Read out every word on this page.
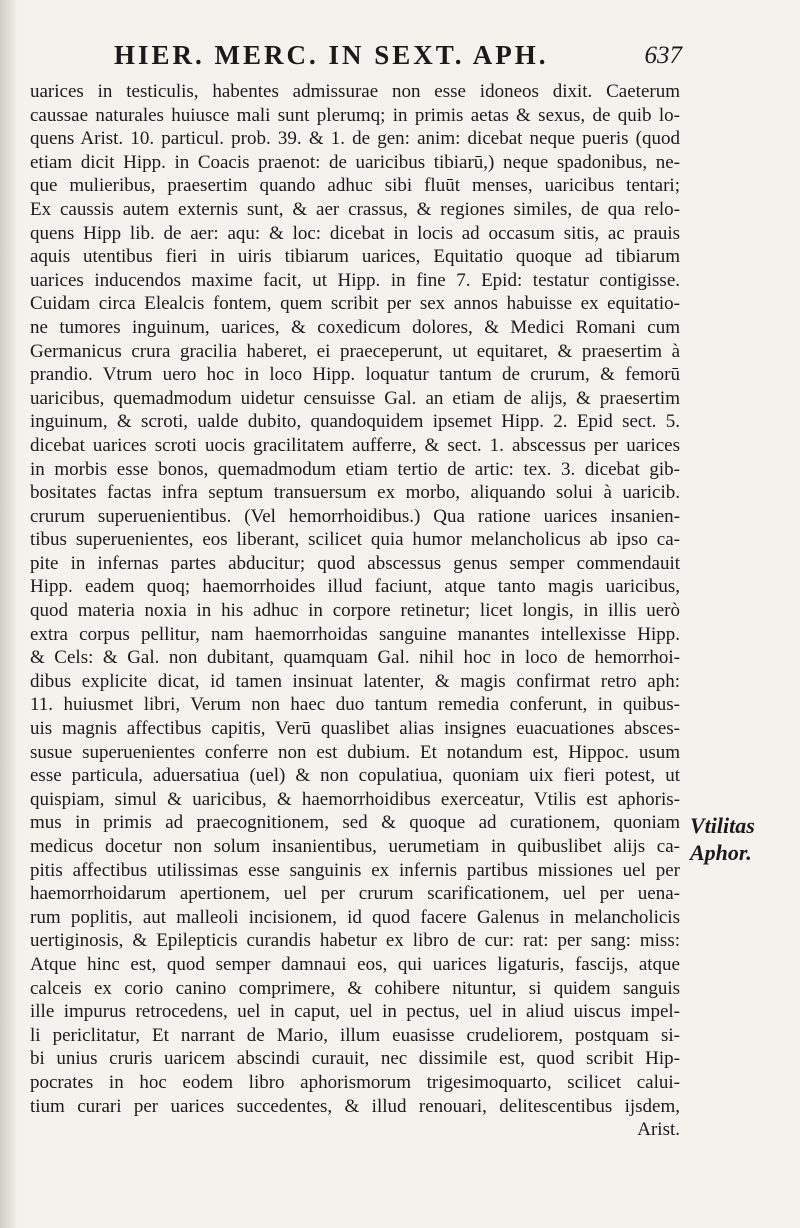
HIER. MERC. IN SEXT. APH.	637
uarices in testiculis, habentes admissurae non esse idoneos dixit. Caeterum
caussae naturales huiusce mali sunt plerumq; in primis aetas & sexus, de quib lo-
quens Arist. 10. particul. prob. 39. & 1. de gen: anim: dicebat neque pueris (quod
etiam dicit Hipp. in Coacis praenot: de uaricibus tibiarū,) neque spadonibus, ne-
que mulieribus, praesertim quando adhuc sibi fluūt menses, uaricibus tentari;
Ex caussis autem externis sunt, & aer crassus, & regiones similes, de qua relo-
quens Hipp lib. de aer: aqu: & loc: dicebat in locis ad occasum sitis, ac prauis
aquis utentibus fieri in uiris tibiarum uarices, Equitatio quoque ad tibiarum
uarices inducendos maxime facit, ut Hipp. in fine 7. Epid: testatur contigisse.
Cuidam circa Elealcis fontem, quem scribit per sex annos habuisse ex equitatio-
ne tumores inguinum, uarices, & coxedicum dolores, & Medici Romani cum
Germanicus crura gracilia haberet, ei praeceperunt, ut equitaret, & praesertim à
prandio. Vtrum uero hoc in loco Hipp. loquatur tantum de crurum, & femorū
uaricibus, quemadmodum uidetur censuisse Gal. an etiam de alijs, & praesertim
inguinum, & scroti, ualde dubito, quandoquidem ipsemet Hipp. 2. Epid sect. 5.
dicebat uarices scroti uocis gracilitatem aufferre, & sect. 1. abscessus per uarices
in morbis esse bonos, quemadmodum etiam tertio de artic: tex. 3. dicebat gib-
bositates factas infra septum transuersum ex morbo, aliquando solui à uaricib.
crurum superuenientibus. (Vel hemorrhoidibus.) Qua ratione uarices insanien-
tibus superuenientes, eos liberant, scilicet quia humor melancholicus ab ipso ca-
pite in infernas partes abducitur; quod abscessus genus semper commendauit
Hipp. eadem quoq; haemorrhoides illud faciunt, atque tanto magis uaricibus,
quod materia noxia in his adhuc in corpore retinetur; licet longis, in illis uerò
extra corpus pellitur, nam haemorrhoidas sanguine manantes intellexisse Hipp.
& Cels: & Gal. non dubitant, quamquam Gal. nihil hoc in loco de hemorrhoi-
dibus explicite dicat, id tamen insinuat latenter, & magis confirmat retro aph:
11. huiusmet libri, Verum non haec duo tantum remedia conferunt, in quibus-
uis magnis affectibus capitis, Verū quaslibet alias insignes euacuationes absces-
susue superuenientes conferre non est dubium. Et notandum est, Hippoc. usum
esse particula, aduersatiua (uel) & non copulatiua, quoniam uix fieri potest, ut
quispiam, simul & uaricibus, & haemorrhoidibus exerceatur, Vtilis est aphoris-
mus in primis ad praecognitionem, sed & quoque ad curationem, quoniam
medicus docetur non solum insanientibus, uerumetiam in quibuslibet alijs ca-
pitis affectibus utilissimas esse sanguinis ex infernis partibus missiones uel per
haemorrhoidarum apertionem, uel per crurum scarificationem, uel per uena-
rum poplitis, aut malleoli incisionem, id quod facere Galenus in melancholicis
uertiginosis, & Epilepticis curandis habetur ex libro de cur: rat: per sang: miss:
Atque hinc est, quod semper damnaui eos, qui uarices ligaturis, fascijs, atque
calceis ex corio canino comprimere, & cohibere nituntur, si quidem sanguis
ille impurus retrocedens, uel in caput, uel in pectus, uel in aliud uiscus impel-
li periclitatur, Et narrant de Mario, illum euasisse crudeliorem, postquam si-
bi unius cruris uaricem abscindi curauit, nec dissimile est, quod scribit Hip-
pocrates in hoc eodem libro aphorismorum trigesimoquarto, scilicet calui-
tium curari per uarices succedentes, & illud renouari, delitescentibus ijsdem,
Arist.
Vtilitas
Aphor.
